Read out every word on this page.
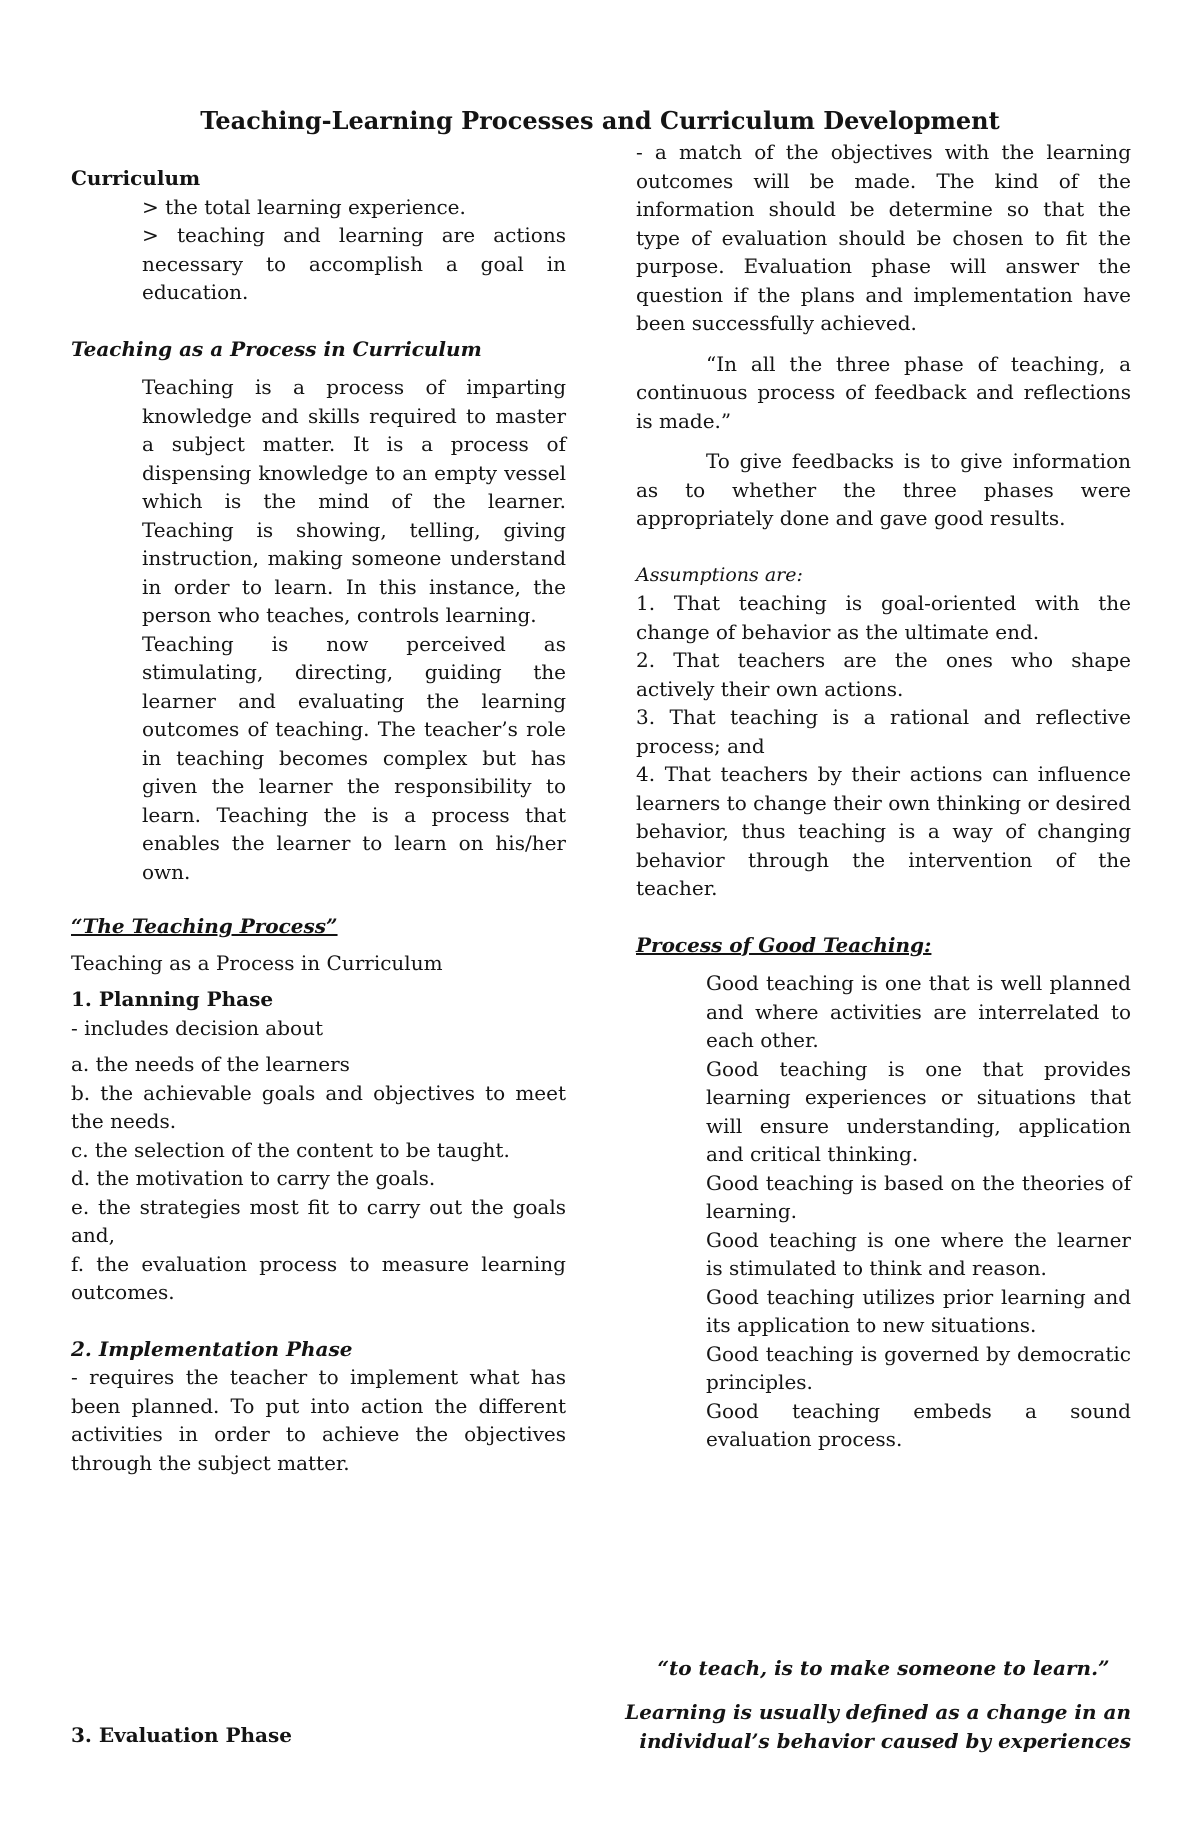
Teaching-Learning Processes and Curriculum Development

Curriculum

> the total learning experience.

> teaching and learning are actions necessary to accomplish a goal in education.

Teaching as a Process in Curriculum

Teaching is a process of imparting knowledge and skills required to master a subject matter. It is a process of dispensing knowledge to an empty vessel which is the mind of the learner. Teaching is showing, telling, giving instruction, making someone understand in order to learn. In this instance, the person who teaches, controls learning.

Teaching is now perceived as stimulating, directing, guiding the learner and evaluating the learning outcomes of teaching. The teacher’s role in teaching becomes complex but has given the learner the responsibility to learn. Teaching the is a process that enables the learner to learn on his/her own.

“The Teaching Process”

Teaching as a Process in Curriculum

1. Planning Phase

- includes decision about

a. the needs of the learners

b. the achievable goals and objectives to meet the needs.

c. the selection of the content to be taught.

d. the motivation to carry the goals.

e. the strategies most fit to carry out the goals and,

f. the evaluation process to measure learning outcomes.

2. Implementation Phase

- requires the teacher to implement what has been planned. To put into action the different activities in order to achieve the objectives through the subject matter.

3. Evaluation Phase

- a match of the objectives with the learning outcomes will be made. The kind of the information should be determine so that the type of evaluation should be chosen to fit the purpose. Evaluation phase will answer the question if the plans and implementation have been successfully achieved.

“In all the three phase of teaching, a continuous process of feedback and reflections is made.”

To give feedbacks is to give information as to whether the three phases were appropriately done and gave good results.

Assumptions are:

1. That teaching is goal-oriented with the change of behavior as the ultimate end.

2. That teachers are the ones who shape actively their own actions.

3. That teaching is a rational and reflective process; and

4. That teachers by their actions can influence learners to change their own thinking or desired behavior, thus teaching is a way of changing behavior through the intervention of the teacher.

Process of Good Teaching:

Good teaching is one that is well planned and where activities are interrelated to each other.

Good teaching is one that provides learning experiences or situations that will ensure understanding, application and critical thinking.

Good teaching is based on the theories of learning.

Good teaching is one where the learner is stimulated to think and reason.

Good teaching utilizes prior learning and its application to new situations.

Good teaching is governed by democratic principles.

Good teaching embeds a sound evaluation process.

“to teach, is to make someone to learn.”

Learning is usually defined as a change in an individual’s behavior caused by experiences
